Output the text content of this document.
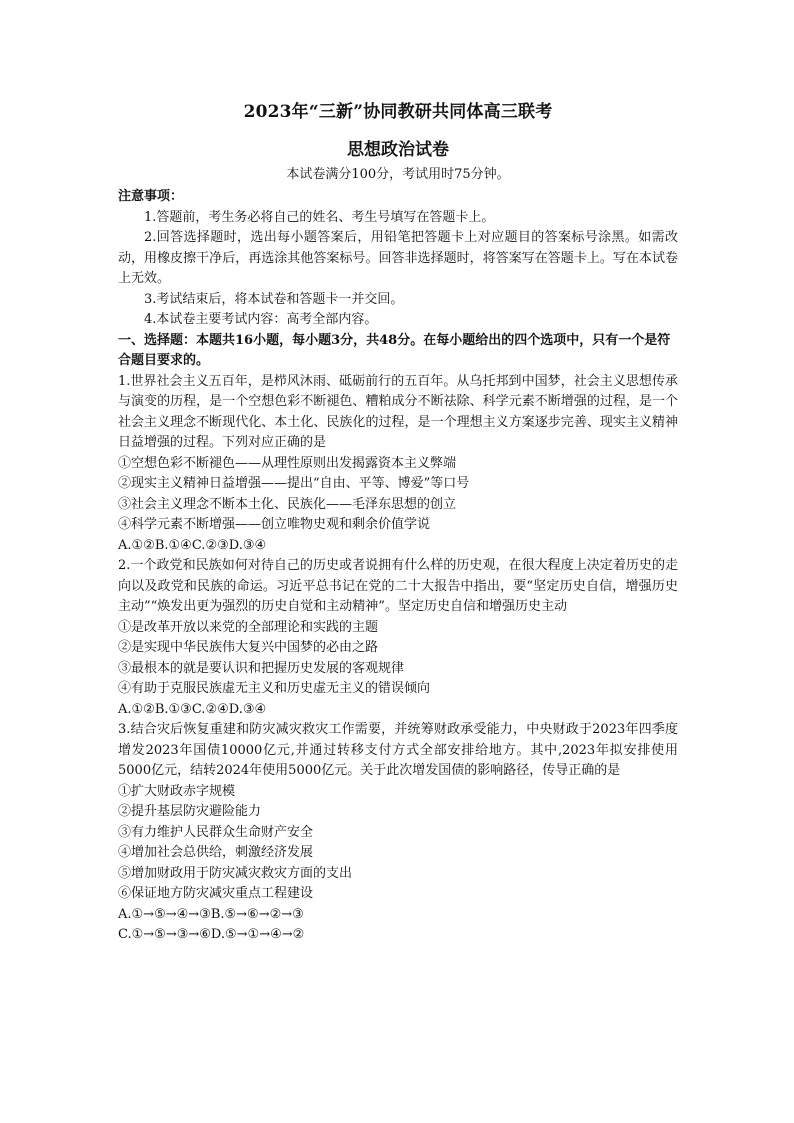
2023年“三新”协同教研共同体高三联考
思想政治试卷
本试卷满分100分，考试用时75分钟。
注意事项：

1.答题前，考生务必将自己的姓名、考生号填写在答题卡上。

2.回答选择题时，选出每小题答案后，用铅笔把答题卡上对应题目的答案标号涂黑。如需改动，用橡皮擦干净后，再选涂其他答案标号。回答非选择题时，将答案写在答题卡上。写在本试卷上无效。

3.考试结束后，将本试卷和答题卡一并交回。

4.本试卷主要考试内容：高考全部内容。

一、选择题：本题共16小题，每小题3分，共48分。在每小题给出的四个选项中，只有一个是符合题目要求的。

1.世界社会主义五百年，是栉风沐雨、砥砺前行的五百年。从乌托邦到中国梦，社会主义思想传承与演变的历程，是一个空想色彩不断褪色、糟粕成分不断祛除、科学元素不断增强的过程，是一个社会主义理念不断现代化、本土化、民族化的过程，是一个理想主义方案逐步完善、现实主义精神日益增强的过程。下列对应正确的是

①空想色彩不断褪色——从理性原则出发揭露资本主义弊端

②现实主义精神日益增强——提出“自由、平等、博爱”等口号

③社会主义理念不断本土化、民族化——毛泽东思想的创立

④科学元素不断增强——创立唯物史观和剩余价值学说

A.①②B.①④C.②③D.③④

2.一个政党和民族如何对待自己的历史或者说拥有什么样的历史观，在很大程度上决定着历史的走向以及政党和民族的命运。习近平总书记在党的二十大报告中指出，要“坚定历史自信，增强历史主动”“焕发出更为强烈的历史自觉和主动精神”。坚定历史自信和增强历史主动

①是改革开放以来党的全部理论和实践的主题

②是实现中华民族伟大复兴中国梦的必由之路

③最根本的就是要认识和把握历史发展的客观规律

④有助于克服民族虚无主义和历史虚无主义的错误倾向

A.①②B.①③C.②④D.③④

3.结合灾后恢复重建和防灾减灾救灾工作需要，并统筹财政承受能力，中央财政于2023年四季度增发2023年国债10000亿元,并通过转移支付方式全部安排给地方。其中,2023年拟安排使用5000亿元，结转2024年使用5000亿元。关于此次增发国债的影响路径，传导正确的是

①扩大财政赤字规模

②提升基层防灾避险能力

③有力维护人民群众生命财产安全

④增加社会总供给，刺激经济发展

⑤增加财政用于防灾减灾救灾方面的支出

⑥保证地方防灾减灾重点工程建设

A.①→⑤→④→③B.⑤→⑥→②→③

C.①→⑤→③→⑥D.⑤→①→④→②
